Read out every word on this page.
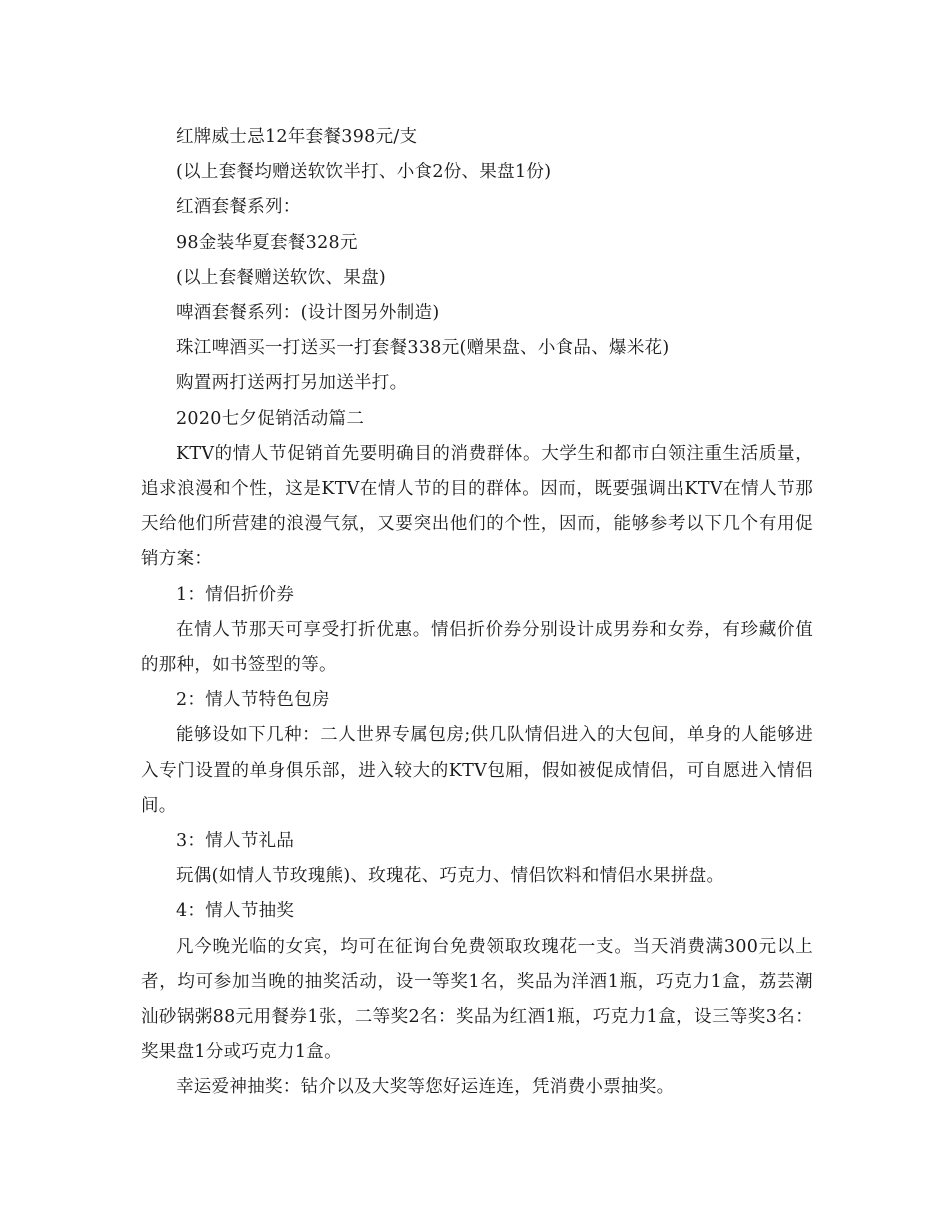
红牌威士忌12年套餐398元/支

(以上套餐均赠送软饮半打、小食2份、果盘1份)

红酒套餐系列：

98金装华夏套餐328元

(以上套餐赠送软饮、果盘)

啤酒套餐系列：(设计图另外制造)

珠江啤酒买一打送买一打套餐338元(赠果盘、小食品、爆米花)

购置两打送两打另加送半打。

2020七夕促销活动篇二

KTV的情人节促销首先要明确目的消费群体。大学生和都市白领注重生活质量，追求浪漫和个性，这是KTV在情人节的目的群体。因而，既要强调出KTV在情人节那天给他们所营建的浪漫气氛，又要突出他们的个性，因而，能够参考以下几个有用促销方案：

1：情侣折价券

在情人节那天可享受打折优惠。情侣折价券分别设计成男券和女券，有珍藏价值的那种，如书签型的等。

2：情人节特色包房

能够设如下几种：二人世界专属包房;供几队情侣进入的大包间，单身的人能够进入专门设置的单身俱乐部，进入较大的KTV包厢，假如被促成情侣，可自愿进入情侣间。

3：情人节礼品

玩偶(如情人节玫瑰熊)、玫瑰花、巧克力、情侣饮料和情侣水果拼盘。

4：情人节抽奖

凡今晚光临的女宾，均可在征询台免费领取玫瑰花一支。当天消费满300元以上者，均可参加当晚的抽奖活动，设一等奖1名，奖品为洋酒1瓶，巧克力1盒，荔芸潮汕砂锅粥88元用餐券1张，二等奖2名：奖品为红酒1瓶，巧克力1盒，设三等奖3名：奖果盘1分或巧克力1盒。

幸运爱神抽奖：钻介以及大奖等您好运连连，凭消费小票抽奖。
